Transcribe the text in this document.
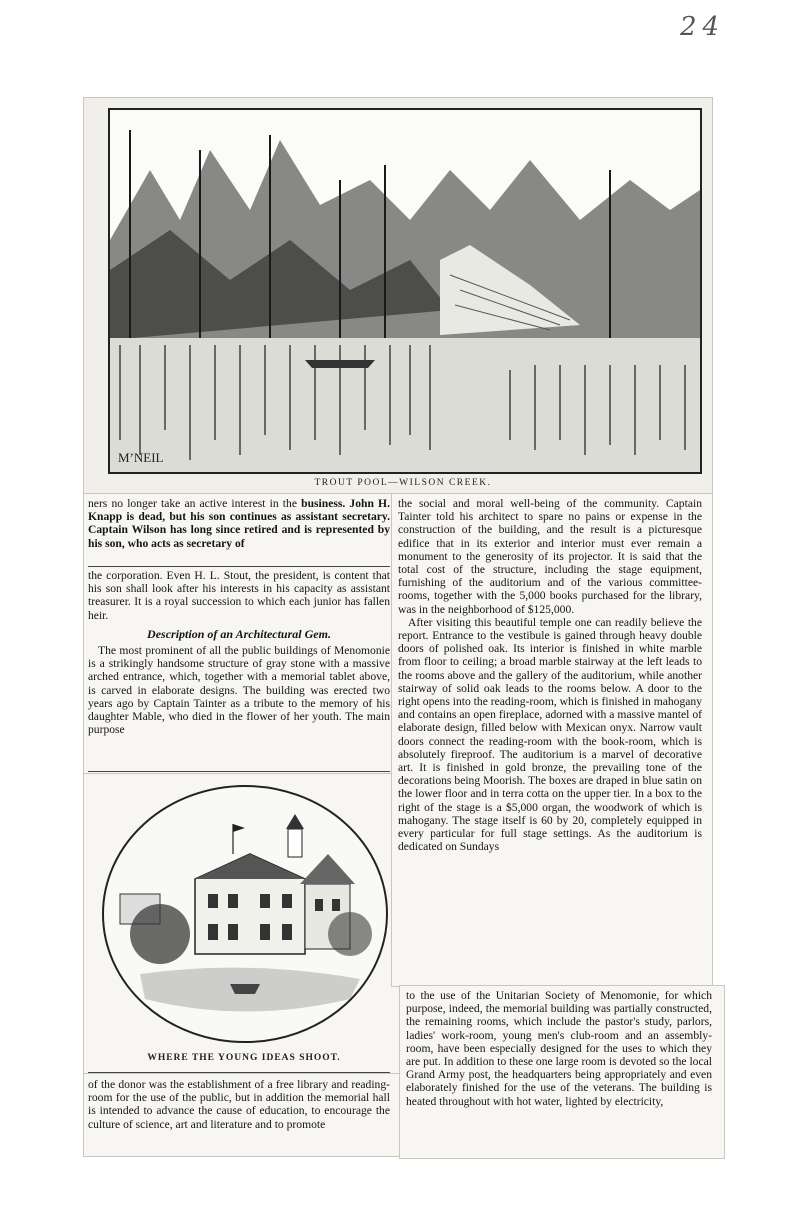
24
M’NEIL
TROUT POOL—WILSON CREEK.

ners no longer take an active interest in the business. John H. Knapp is dead, but his son continues as assistant secretary. Captain Wilson has long since retired and is represented by his son, who acts as secretary of

the corporation. Even H. L. Stout, the president, is content that his son shall look after his interests in his capacity as assistant treasurer. It is a royal succession to which each junior has fallen heir.

Description of an Architectural Gem.

The most prominent of all the public buildings of Menomonie is a strikingly handsome structure of gray stone with a massive arched entrance, which, together with a memorial tablet above, is carved in elaborate designs. The building was erected two years ago by Captain Tainter as a tribute to the memory of his daughter Mable, who died in the flower of her youth. The main purpose

WHERE THE YOUNG IDEAS SHOOT.

of the donor was the establishment of a free library and reading-room for the use of the public, but in addition the memorial hall is intended to advance the cause of education, to encourage the culture of science, art and literature and to promote

the social and moral well-being of the community. Captain Tainter told his architect to spare no pains or expense in the construction of the building, and the result is a picturesque edifice that in its exterior and interior must ever remain a monument to the generosity of its projector. It is said that the total cost of the structure, including the stage equipment, furnishing of the auditorium and of the various committee-rooms, together with the 5,000 books purchased for the library, was in the neighborhood of $125,000.

After visiting this beautiful temple one can readily believe the report. Entrance to the vestibule is gained through heavy double doors of polished oak. Its interior is finished in white marble from floor to ceiling; a broad marble stairway at the left leads to the rooms above and the gallery of the auditorium, while another stairway of solid oak leads to the rooms below. A door to the right opens into the reading-room, which is finished in mahogany and contains an open fireplace, adorned with a massive mantel of elaborate design, filled below with Mexican onyx. Narrow vault doors connect the reading-room with the book-room, which is absolutely fireproof. The auditorium is a marvel of decorative art. It is finished in gold bronze, the prevailing tone of the decorations being Moorish. The boxes are draped in blue satin on the lower floor and in terra cotta on the upper tier. In a box to the right of the stage is a $5,000 organ, the woodwork of which is mahogany. The stage itself is 60 by 20, completely equipped in every particular for full stage settings. As the auditorium is dedicated on Sundays

to the use of the Unitarian Society of Menomonie, for which purpose, indeed, the memorial building was partially constructed, the remaining rooms, which include the pastor's study, parlors, ladies' work-room, young men's club-room and an assembly-room, have been especially designed for the uses to which they are put. In addition to these one large room is devoted so the local Grand Army post, the headquarters being appropriately and even elaborately finished for the use of the veterans. The building is heated throughout with hot water, lighted by electricity,
